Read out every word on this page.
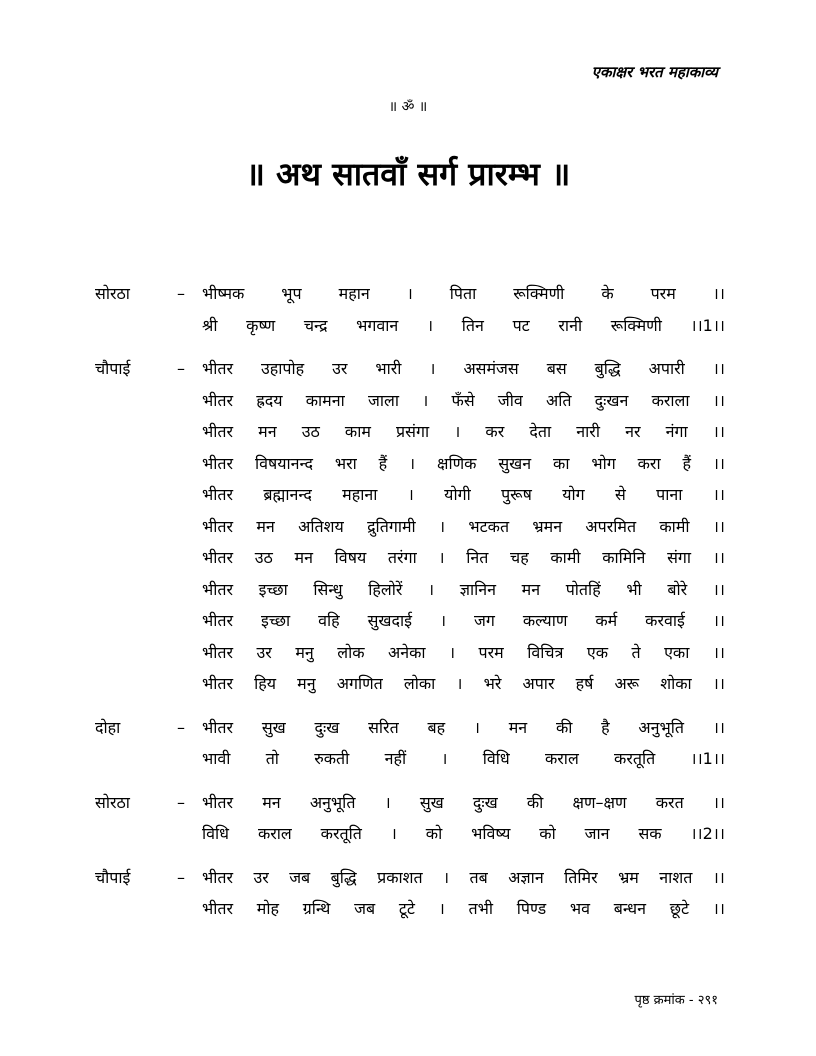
एकाक्षर भरत महाकाव्य
॥ ॐ ॥
॥ अथ सातवाँ सर्ग प्रारम्भ ॥
सोरठा	– भीष्मक भूप महान । पिता रूक्मिणी के परम ।।
श्री कृष्ण चन्द्र भगवान । तिन पट रानी रूक्मिणी ।।1।।
चौपाई	– भीतर उहापोह उर भारी । असमंजस बस बुद्धि अपारी ।।
भीतर ह्रदय कामना जाला । फँसे जीव अति दुःखन कराला ।।
भीतर मन उठ काम प्रसंगा । कर देता नारी नर नंगा ।।
भीतर विषयानन्द भरा हैं । क्षणिक सुखन का भोग करा हैं ।।
भीतर ब्रह्मानन्द महाना । योगी पुरूष योग से पाना ।।
भीतर मन अतिशय द्रुतिगामी । भटकत भ्रमन अपरमित कामी ।।
भीतर उठ मन विषय तरंगा । नित चह कामी कामिनि संगा ।।
भीतर इच्छा सिन्धु हिलोरें । ज्ञानिन मन पोतहिं भी बोरे ।।
भीतर इच्छा वहि सुखदाई । जग कल्याण कर्म करवाई ।।
भीतर उर मनु लोक अनेका । परम विचित्र एक ते एका ।।
भीतर हिय मनु अगणित लोका । भरे अपार हर्ष अरू शोका ।।
दोहा	– भीतर सुख दुःख सरित बह । मन की है अनुभूति ।।
भावी तो रुकती नहीं । विधि कराल करतूति ।।1।।
सोरठा	– भीतर मन अनुभूति । सुख दुःख की क्षण–क्षण करत ।।
विधि कराल करतूति । को भविष्य को जान सक ।।2।।
चौपाई	– भीतर उर जब बुद्धि प्रकाशत । तब अज्ञान तिमिर भ्रम नाशत ।।
भीतर मोह ग्रन्थि जब टूटे । तभी पिण्ड भव बन्धन छूटे ।।
पृष्ठ क्रमांक - २९१
